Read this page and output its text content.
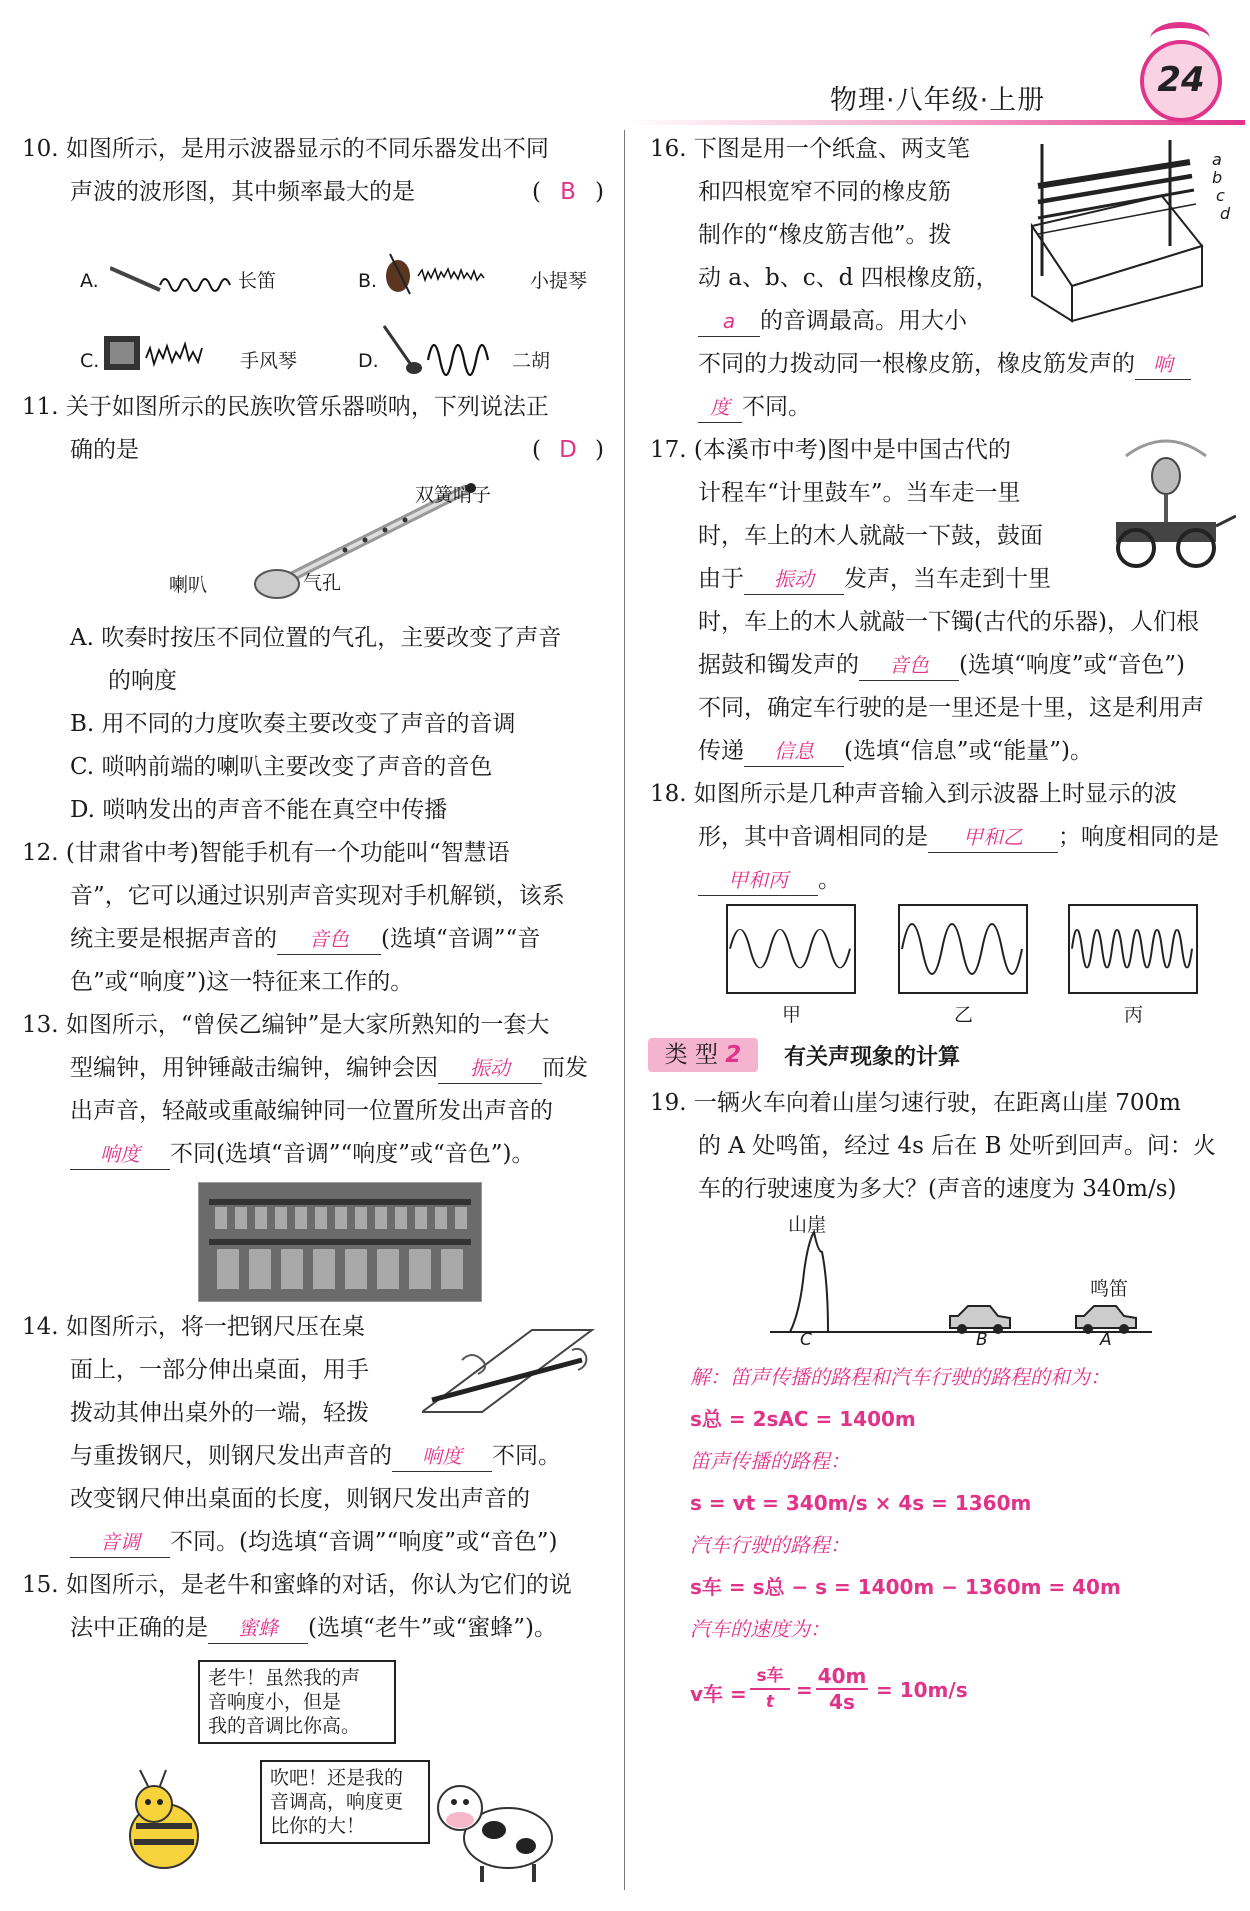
物理·八年级·上册
24
10. 如图所示，是用示波器显示的不同乐器发出不同
声波的波形图，其中频率最大的是	( B )
A.	长笛	B.	小提琴
C.	手风琴	D.	二胡
11. 关于如图所示的民族吹管乐器唢呐，下列说法正
确的是	( D )
双簧哨子
喇叭	气孔
A. 吹奏时按压不同位置的气孔，主要改变了声音
的响度
B. 用不同的力度吹奏主要改变了声音的音调
C. 唢呐前端的喇叭主要改变了声音的音色
D. 唢呐发出的声音不能在真空中传播
12. (甘肃省中考)智能手机有一个功能叫“智慧语
音”，它可以通过识别声音实现对手机解锁，该系
统主要是根据声音的 音色 (选填“音调”“音
色”或“响度”)这一特征来工作的。
13. 如图所示，“曾侯乙编钟”是大家所熟知的一套大
型编钟，用钟锤敲击编钟，编钟会因 振动 而发
出声音，轻敲或重敲编钟同一位置所发出声音的
响度 不同(选填“音调”“响度”或“音色”)。
14. 如图所示，将一把钢尺压在桌
面上，一部分伸出桌面，用手
拨动其伸出桌外的一端，轻拨
与重拨钢尺，则钢尺发出声音的 响度 不同。
改变钢尺伸出桌面的长度，则钢尺发出声音的
音调 不同。(均选填“音调”“响度”或“音色”)
15. 如图所示，是老牛和蜜蜂的对话，你认为它们的说
法中正确的是 蜜蜂 (选填“老牛”或“蜜蜂”)。
老牛！虽然我的声
音响度小，但是
我的音调比你高。
吹吧！还是我的
音调高，响度更
比你的大！
16. 下图是用一个纸盒、两支笔
和四根宽窄不同的橡皮筋
制作的“橡皮筋吉他”。拨
动 a、b、c、d 四根橡皮筋，
a 的音调最高。用大小
不同的力拨动同一根橡皮筋，橡皮筋发声的 响
度 不同。
a
b
c
d
17. (本溪市中考)图中是中国古代的
计程车“计里鼓车”。当车走一里
时，车上的木人就敲一下鼓，鼓面
由于 振动 发声，当车走到十里
时，车上的木人就敲一下镯(古代的乐器)，人们根
据鼓和镯发声的 音色 (选填“响度”或“音色”)
不同，确定车行驶的是一里还是十里，这是利用声
传递 信息 (选填“信息”或“能量”)。
18. 如图所示是几种声音输入到示波器上时显示的波
形，其中音调相同的是 甲和乙 ；响度相同的是
甲和丙 。
甲	乙	丙
类 型 2	有关声现象的计算
19. 一辆火车向着山崖匀速行驶，在距离山崖 700m
的 A 处鸣笛，经过 4s 后在 B 处听到回声。问：火
车的行驶速度为多大？(声音的速度为 340m/s)
山崖
鸣笛
C	B	A
解：笛声传播的路程和汽车行驶的路程的和为：
s总 = 2sAC = 1400m
笛声传播的路程：
s = vt = 340m/s × 4s = 1360m
汽车行驶的路程：
s车 = s总 − s = 1400m − 1360m = 40m
汽车的速度为：
v车 =
s车
t	= $\frac{40m}{4s} = 10m/s$
